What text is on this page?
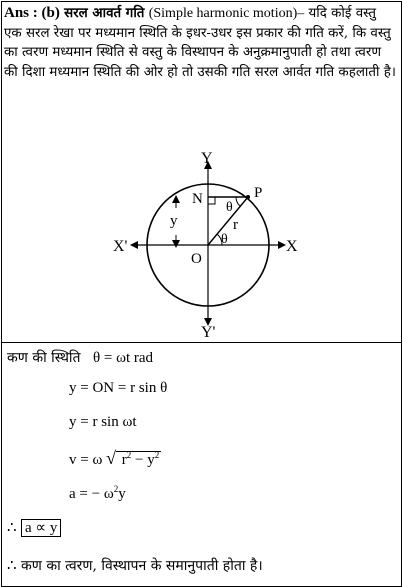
Ans : (b) सरल आवर्त गति (Simple harmonic motion)– यदि कोई वस्तु एक सरल रेखा पर मध्यमान स्थिति के इधर-उधर इस प्रकार की गति करें, कि वस्तु का त्वरण मध्यमान स्थिति से वस्तु के विस्थापन के अनुक्रमानुपाती हो तथा त्वरण की दिशा मध्यमान स्थिति की ओर हो तो उसकी गति सरल आर्वत गति कहलाती है।
Y
Y'
X'	X
O
N	P
r
y
θ
θ
कण की स्थिति θ = ωt rad
y = ON = r sin θ
y = r sin ωt
v = ω √ $r^2 - y^2$
a = − $\omega^2y$
∴ a ∝ y
∴ कण का त्वरण, विस्थापन के समानुपाती होता है।
